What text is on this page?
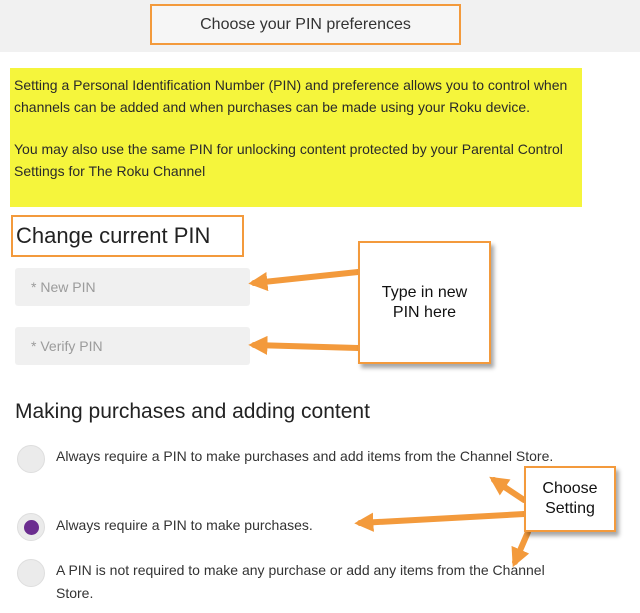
Choose your PIN preferences

Setting a Personal Identification Number (PIN) and preference allows you to control when channels can be added and when purchases can be made using your Roku device.

You may also use the same PIN for unlocking content protected by your Parental Control Settings for The Roku Channel

Change current PIN
Making purchases and adding content
Always require a PIN to make purchases and add items from the Channel Store.
Always require a PIN to make purchases.
A PIN is not required to make any purchase or add any items from the Channel Store.
Type in new
PIN here
Choose
Setting
